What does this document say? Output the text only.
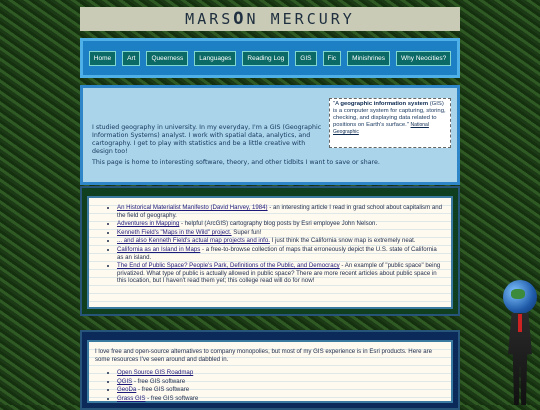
MARS O N MERCURY
Home	Art	Queerness	Languages	Reading Log	GIS	Fic	Minishrines	Why Neocities?
I studied geography in university. In my everyday, I'm a GIS (Geographic Information Systems) analyst. I work with spatial data, analytics, and cartography. I get to play with statistics and be a little creative with design too!
This page is home to interesting software, theory, and other tidbits I want to save or share.
"A geographic information system (GIS) is a computer system for capturing, storing, checking, and displaying data related to positions on Earth's surface." National Geographic
• An Historical Materialist Manifesto (David Harvey, 1984) - an interesting article I read in grad school about capitalism and the field of geography.
• Adventures in Mapping - helpful (ArcGIS) cartography blog posts by Esri employee John Nelson.
• Kenneth Field's "Maps in the Wild" project. Super fun!
• ... and also Kenneth Field's actual map projects and info. I just think the California snow map is extremely neat.
• California as an Island in Maps - a free-to-browse collection of maps that erroneously depict the U.S. state of California as an island.
• The End of Public Space? People's Park, Definitions of the Public, and Democracy - An example of "public space" being privatized. What type of public is actually allowed in public space? There are more recent articles about public space in this location, but I haven't read them yet; this college read will do for now!
I love free and open-source alternatives to company monopolies, but most of my GIS experience is in Esri products. Here are some resources I've seen around and dabbled in.
• Open Source GIS Roadmap
• QGIS - free GIS software
• GeoDa - free GIS software
• Grass GIS - free GIS software
